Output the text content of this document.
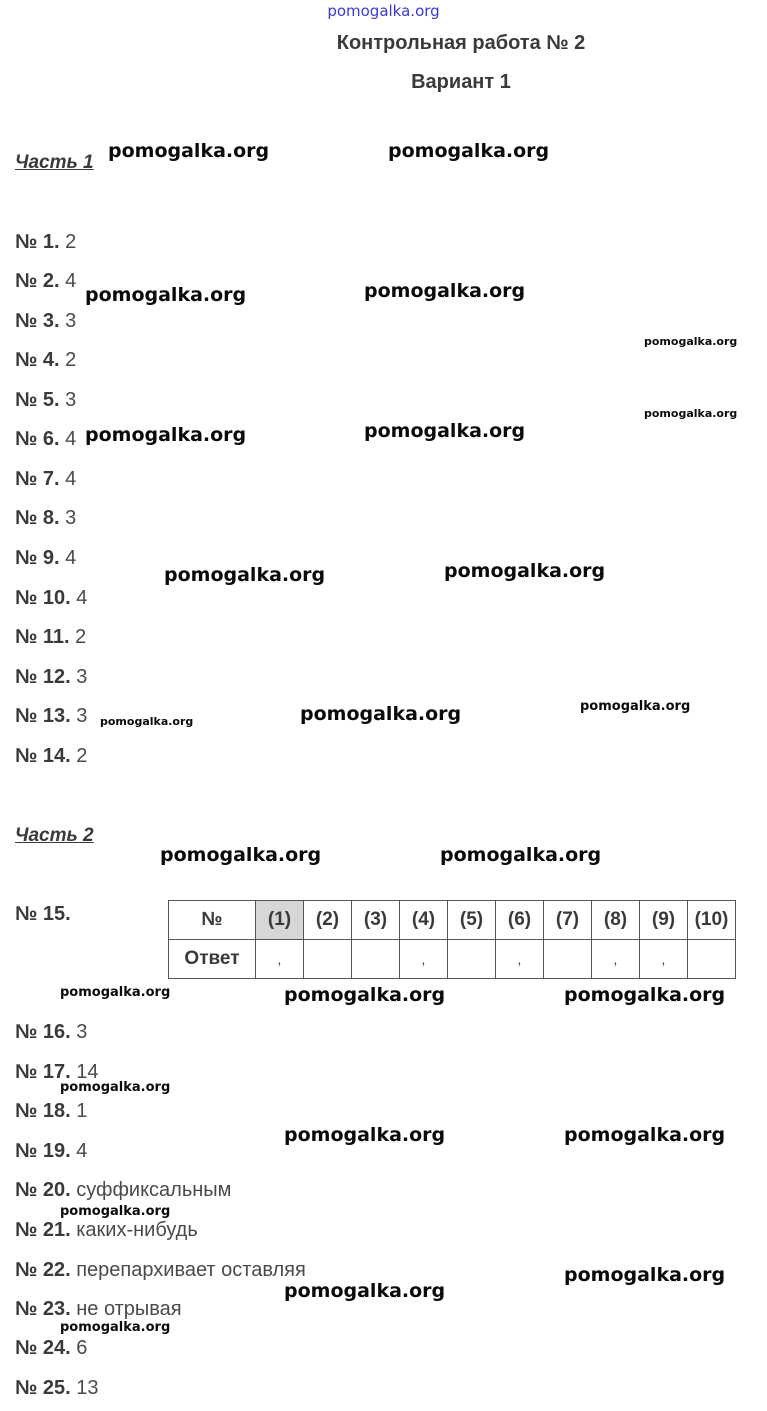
pomogalka.org
Контрольная работа № 2
Вариант 1
Часть 1
№ 1. 2
№ 2. 4
№ 3. 3
№ 4. 2
№ 5. 3
№ 6. 4
№ 7. 4
№ 8. 3
№ 9. 4
№ 10. 4
№ 11. 2
№ 12. 3
№ 13. 3
№ 14. 2
Часть 2
№ 15.	№	(1)	(2)	(3)	(4)	(5)	(6)	(7)	(8)	(9)	(10)
Ответ	,			,		,		,	,	
№ 16. 3
№ 17. 14
№ 18. 1
№ 19. 4
№ 20. суффиксальным
№ 21. каких-нибудь
№ 22. перепархивает оставляя
№ 23. не отрывая
№ 24. 6
№ 25. 13
pomogalka.org	pomogalka.org
pomogalka.org	pomogalka.org
pomogalka.org
pomogalka.org
pomogalka.org	pomogalka.org
pomogalka.org	pomogalka.org
pomogalka.org	pomogalka.org	pomogalka.org
pomogalka.org	pomogalka.org
pomogalka.org	pomogalka.org	pomogalka.org
pomogalka.org
pomogalka.org	pomogalka.org
pomogalka.org
pomogalka.org
pomogalka.org
pomogalka.org
